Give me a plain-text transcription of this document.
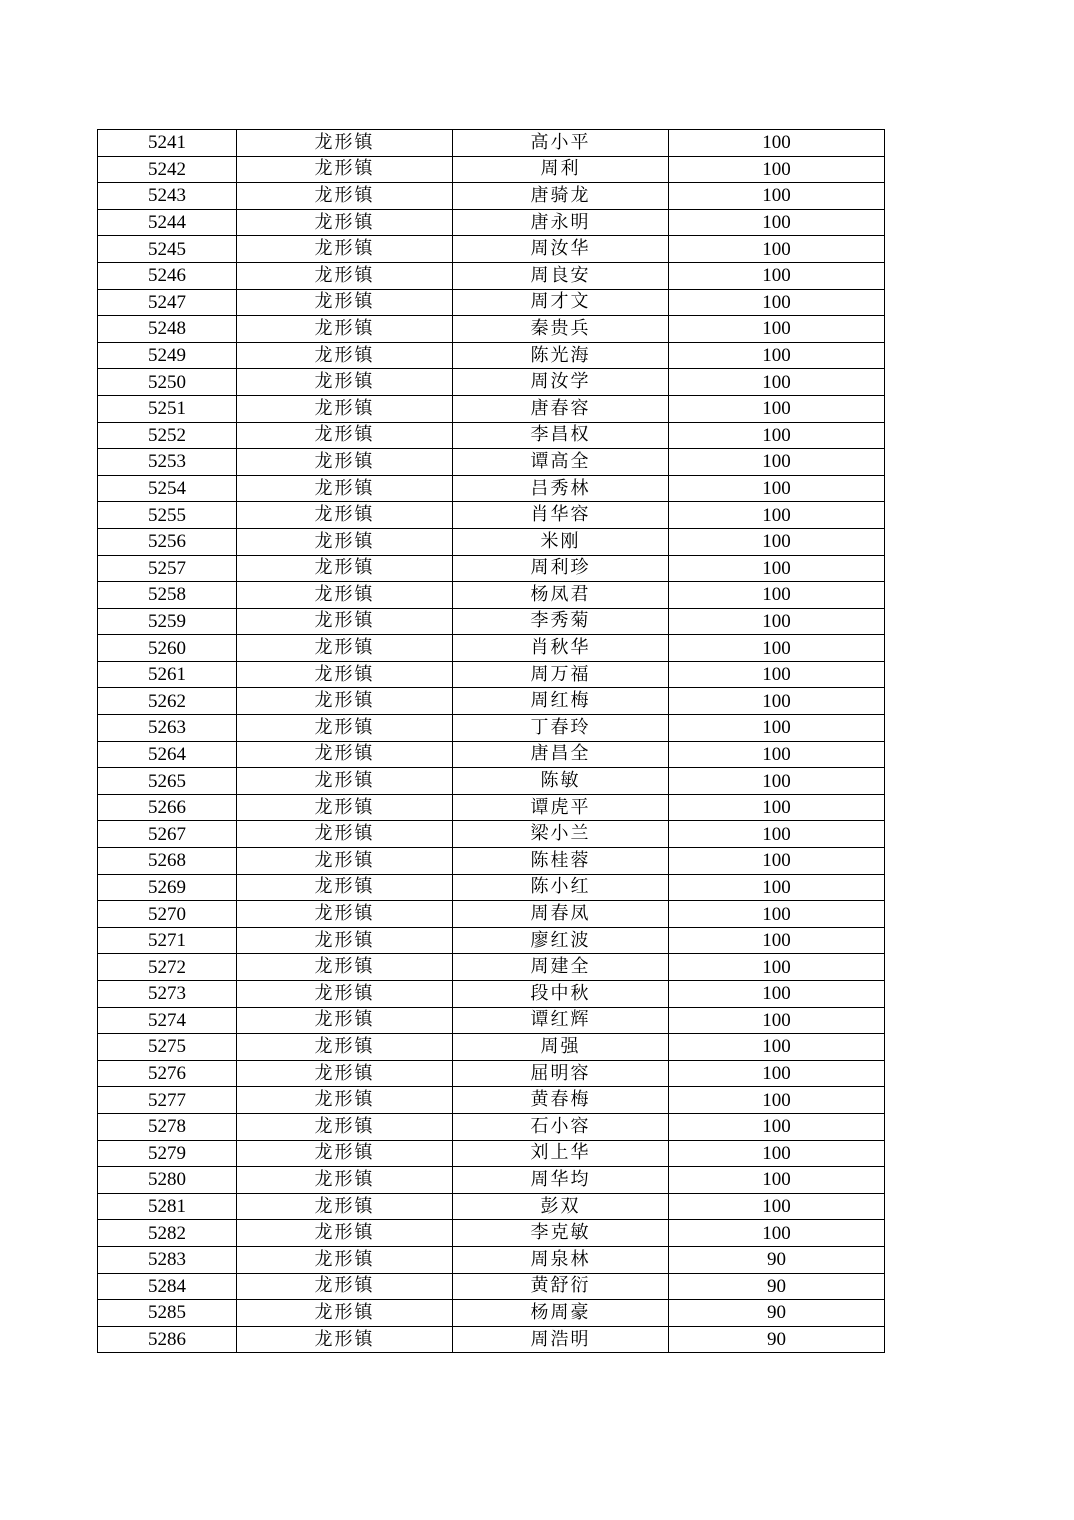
5241	龙形镇	高小平	100
5242	龙形镇	周利	100
5243	龙形镇	唐骑龙	100
5244	龙形镇	唐永明	100
5245	龙形镇	周汝华	100
5246	龙形镇	周良安	100
5247	龙形镇	周才文	100
5248	龙形镇	秦贵兵	100
5249	龙形镇	陈光海	100
5250	龙形镇	周汝学	100
5251	龙形镇	唐春容	100
5252	龙形镇	李昌权	100
5253	龙形镇	谭高全	100
5254	龙形镇	吕秀林	100
5255	龙形镇	肖华容	100
5256	龙形镇	米刚	100
5257	龙形镇	周利珍	100
5258	龙形镇	杨凤君	100
5259	龙形镇	李秀菊	100
5260	龙形镇	肖秋华	100
5261	龙形镇	周万福	100
5262	龙形镇	周红梅	100
5263	龙形镇	丁春玲	100
5264	龙形镇	唐昌全	100
5265	龙形镇	陈敏	100
5266	龙形镇	谭虎平	100
5267	龙形镇	梁小兰	100
5268	龙形镇	陈桂蓉	100
5269	龙形镇	陈小红	100
5270	龙形镇	周春凤	100
5271	龙形镇	廖红波	100
5272	龙形镇	周建全	100
5273	龙形镇	段中秋	100
5274	龙形镇	谭红辉	100
5275	龙形镇	周强	100
5276	龙形镇	屈明容	100
5277	龙形镇	黄春梅	100
5278	龙形镇	石小容	100
5279	龙形镇	刘上华	100
5280	龙形镇	周华均	100
5281	龙形镇	彭双	100
5282	龙形镇	李克敏	100
5283	龙形镇	周泉林	90
5284	龙形镇	黄舒衍	90
5285	龙形镇	杨周豪	90
5286	龙形镇	周浩明	90
